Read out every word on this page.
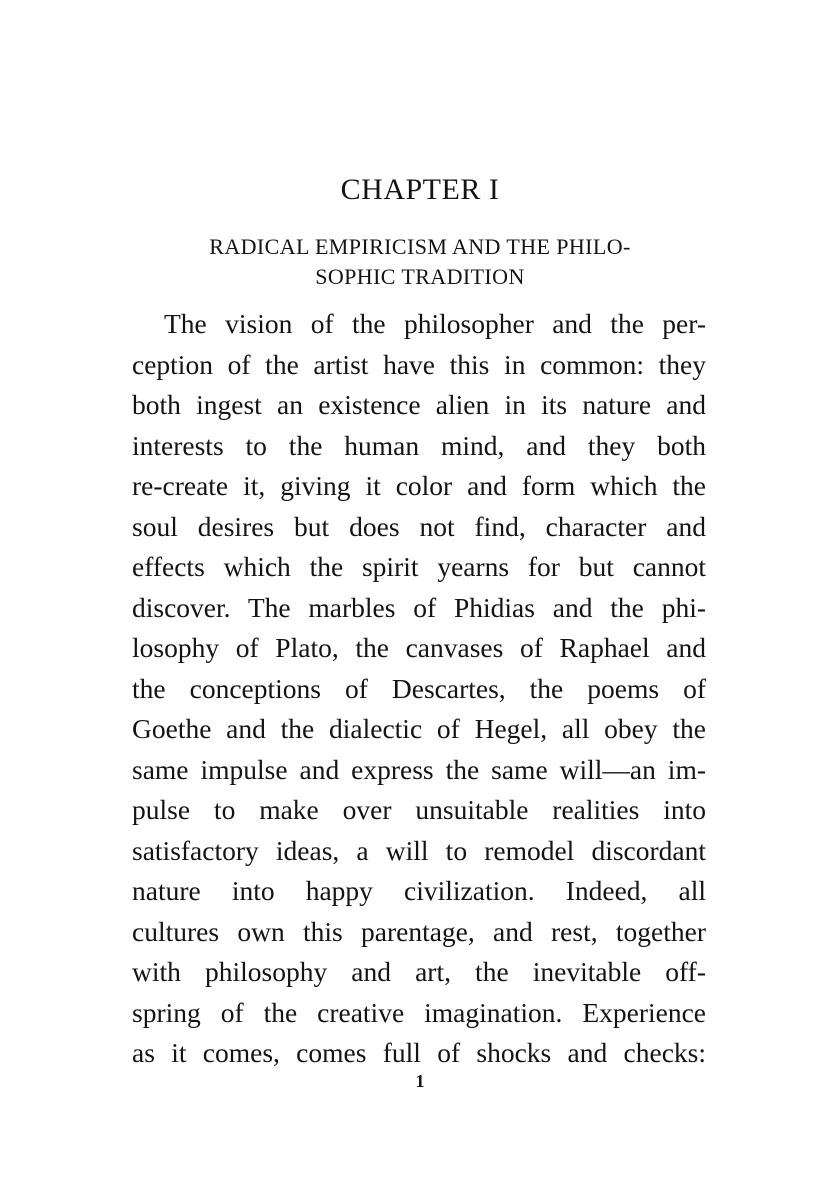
CHAPTER I
RADICAL EMPIRICISM AND THE PHILO-
SOPHIC TRADITION
The vision of the philosopher and the per-
ception of the artist have this in common: they
both ingest an existence alien in its nature and
interests to the human mind, and they both
re-create it, giving it color and form which the
soul desires but does not find, character and
effects which the spirit yearns for but cannot
discover. The marbles of Phidias and the phi-
losophy of Plato, the canvases of Raphael and
the conceptions of Descartes, the poems of
Goethe and the dialectic of Hegel, all obey the
same impulse and express the same will—an im-
pulse to make over unsuitable realities into
satisfactory ideas, a will to remodel discordant
nature into happy civilization. Indeed, all
cultures own this parentage, and rest, together
with philosophy and art, the inevitable off-
spring of the creative imagination. Experience
as it comes, comes full of shocks and checks:
1
